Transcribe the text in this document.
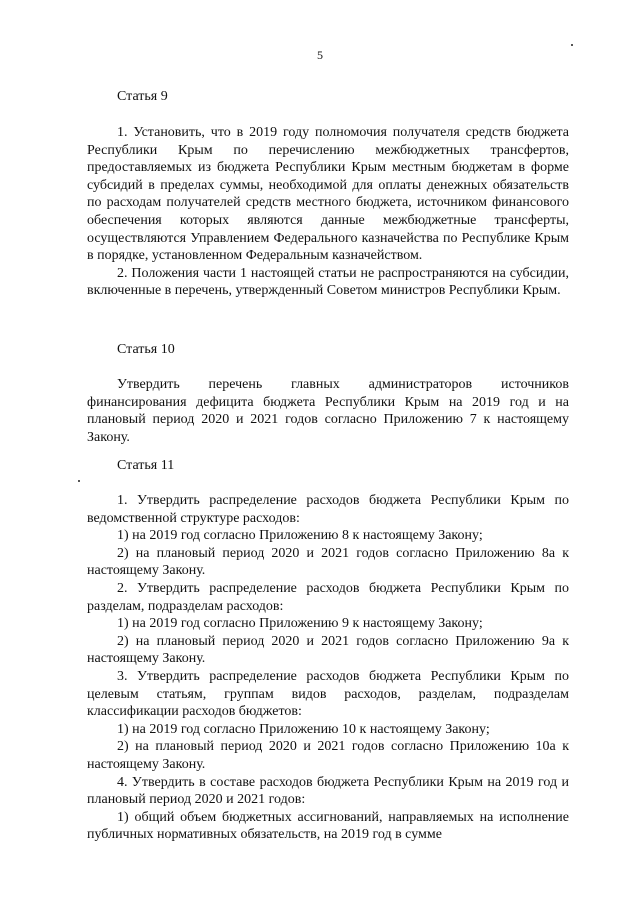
5
Статья 9

1. Установить, что в 2019 году полномочия получателя средств бюджета Республики Крым по перечислению межбюджетных трансфертов, предоставляемых из бюджета Республики Крым местным бюджетам в форме субсидий в пределах суммы, необходимой для оплаты денежных обязательств по расходам получателей средств местного бюджета, источником финансового обеспечения которых являются данные межбюджетные трансферты, осуществляются Управлением Федерального казначейства по Республике Крым в порядке, установленном Федеральным казначейством.

2. Положения части 1 настоящей статьи не распространяются на субсидии, включенные в перечень, утвержденный Советом министров Республики Крым.

Статья 10

Утвердить перечень главных администраторов источников финансирования дефицита бюджета Республики Крым на 2019 год и на плановый период 2020 и 2021 годов согласно Приложению 7 к настоящему Закону.

Статья 11

1. Утвердить распределение расходов бюджета Республики Крым по ведомственной структуре расходов:

1) на 2019 год согласно Приложению 8 к настоящему Закону;

2) на плановый период 2020 и 2021 годов согласно Приложению 8а к настоящему Закону.

2. Утвердить распределение расходов бюджета Республики Крым по разделам, подразделам расходов:

1) на 2019 год согласно Приложению 9 к настоящему Закону;

2) на плановый период 2020 и 2021 годов согласно Приложению 9а к настоящему Закону.

3. Утвердить распределение расходов бюджета Республики Крым по целевым статьям, группам видов расходов, разделам, подразделам классификации расходов бюджетов:

1) на 2019 год согласно Приложению 10 к настоящему Закону;

2) на плановый период 2020 и 2021 годов согласно Приложению 10а к настоящему Закону.

4. Утвердить в составе расходов бюджета Республики Крым на 2019 год и плановый период 2020 и 2021 годов:

1) общий объем бюджетных ассигнований, направляемых на исполнение публичных нормативных обязательств, на 2019 год в сумме
